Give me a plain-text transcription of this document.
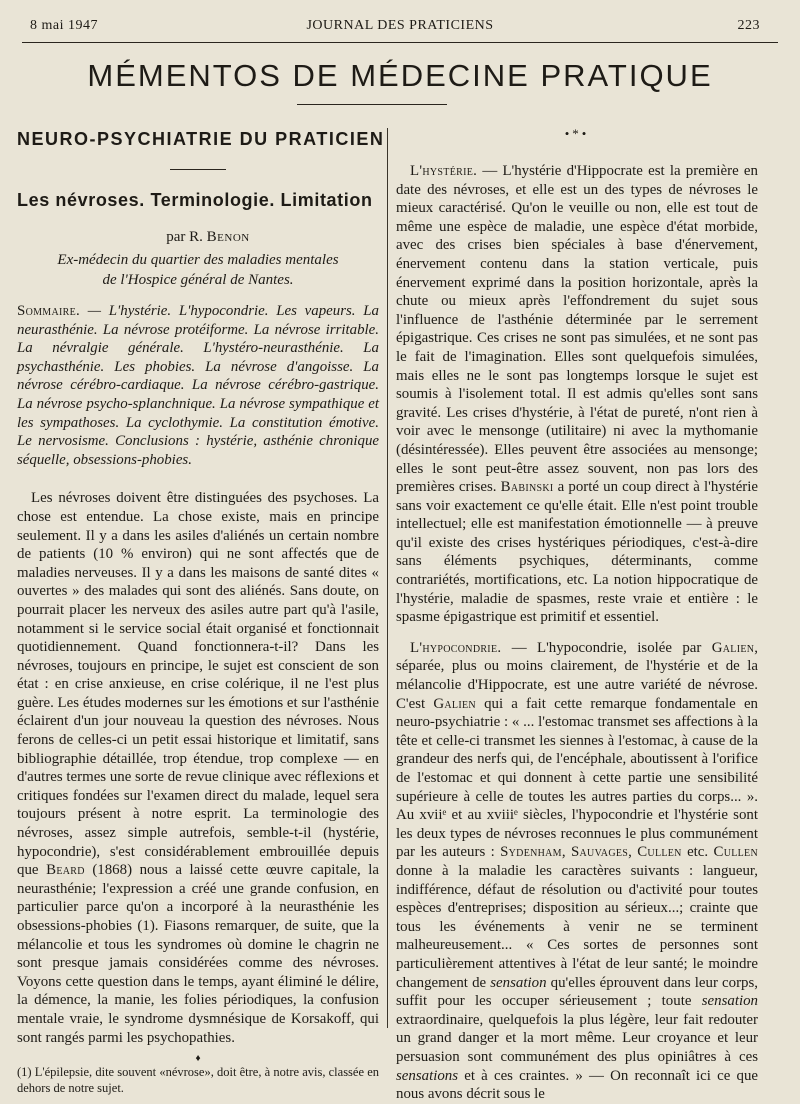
8 mai 1947	JOURNAL DES PRATICIENS	223
MÉMENTOS DE MÉDECINE PRATIQUE
NEURO-PSYCHIATRIE DU PRATICIEN
Les névroses. Terminologie. Limitation
par R. Benon
Ex-médecin du quartier des maladies mentales
de l'Hospice général de Nantes.
Sommaire. — L'hystérie. L'hypocondrie. Les vapeurs. La neurasthénie. La névrose protéiforme. La névrose irritable. La névralgie générale. L'hystéro-neurasthénie. La psychasthénie. Les phobies. La névrose d'angoisse. La névrose cérébro-cardiaque. La névrose cérébro-gastrique. La névrose psycho-splanchnique. La névrose sympathique et les sympathoses. La cyclothymie. La constitution émotive. Le nervosisme. Conclusions : hystérie, asthénie chronique séquelle, obsessions-phobies.
Les névroses doivent être distinguées des psychoses. La chose est entendue. La chose existe, mais en principe seulement. Il y a dans les asiles d'aliénés un certain nombre de patients (10 % environ) qui ne sont affectés que de maladies nerveuses. Il y a dans les maisons de santé dites « ouvertes » des malades qui sont des aliénés. Sans doute, on pourrait placer les nerveux des asiles autre part qu'à l'asile, notamment si le service social était organisé et fonctionnait quotidiennement. Quand fonctionnera-t-il? Dans les névroses, toujours en principe, le sujet est conscient de son état : en crise anxieuse, en crise colérique, il ne l'est plus guère. Les études modernes sur les émotions et sur l'asthénie éclairent d'un jour nouveau la question des névroses. Nous ferons de celles-ci un petit essai historique et limitatif, sans bibliographie détaillée, trop étendue, trop complexe — en d'autres termes une sorte de revue clinique avec réflexions et critiques fondées sur l'examen direct du malade, lequel sera toujours présent à notre esprit. La terminologie des névroses, assez simple autrefois, semble-t-il (hystérie, hypocondrie), s'est considérablement embrouillée depuis que Beard (1868) nous a laissé cette œuvre capitale, la neurasthénie; l'expression a créé une grande confusion, en particulier parce qu'on a incorporé à la neurasthénie les obsessions-phobies (1). Fiasons remarquer, de suite, que la mélancolie et tous les syndromes où domine le chagrin ne sont presque jamais considérées comme des névroses. Voyons cette question dans le temps, ayant éliminé le délire, la démence, la manie, les folies périodiques, la confusion mentale vraie, le syndrome dysmnésique de Korsakoff, qui sont rangés parmi les psychopathies.
♦
(1) L'épilepsie, dite souvent «névrose», doit être, à notre avis, classée en dehors de notre sujet.
•*•
L'hystérie. — L'hystérie d'Hippocrate est la première en date des névroses, et elle est un des types de névroses le mieux caractérisé. Qu'on le veuille ou non, elle est tout de même une espèce de maladie, une espèce d'état morbide, avec des crises bien spéciales à base d'énervement, énervement contenu dans la station verticale, puis énervement exprimé dans la position horizontale, après la chute ou mieux après l'effondrement du sujet sous l'influence de l'asthénie déterminée par le serrement épigastrique. Ces crises ne sont pas simulées, et ne sont pas le fait de l'imagination. Elles sont quelquefois simulées, mais elles ne le sont pas longtemps lorsque le sujet est soumis à l'isolement total. Il est admis qu'elles sont sans gravité. Les crises d'hystérie, à l'état de pureté, n'ont rien à voir avec le mensonge (utilitaire) ni avec la mythomanie (désintéressée). Elles peuvent être associées au mensonge; elles le sont peut-être assez souvent, non pas lors des premières crises. Babinski a porté un coup direct à l'hystérie sans voir exactement ce qu'elle était. Elle n'est point trouble intellectuel; elle est manifestation émotionnelle — à preuve qu'il existe des crises hystériques périodiques, c'est-à-dire sans éléments psychiques, déterminants, comme contrariétés, mortifications, etc. La notion hippocratique de l'hystérie, maladie de spasmes, reste vraie et entière : le spasme épigastrique est primitif et essentiel.
L'hypocondrie. — L'hypocondrie, isolée par Galien, séparée, plus ou moins clairement, de l'hystérie et de la mélancolie d'Hippocrate, est une autre variété de névrose. C'est Galien qui a fait cette remarque fondamentale en neuro-psychiatrie : « ... l'estomac transmet ses affections à la tête et celle-ci transmet les siennes à l'estomac, à cause de la grandeur des nerfs qui, de l'encéphale, aboutissent à l'orifice de l'estomac et qui donnent à cette partie une sensibilité supérieure à celle de toutes les autres parties du corps... ». Au xviiᵉ et au xviiiᵉ siècles, l'hypocondrie et l'hystérie sont les deux types de névroses reconnues le plus communément par les auteurs : Sydenham, Sauvages, Cullen etc. Cullen donne à la maladie les caractères suivants : langueur, indifférence, défaut de résolution ou d'activité pour toutes espèces d'entreprises; disposition au sérieux...; crainte que tous les événements à venir ne se terminent malheureusement... « Ces sortes de personnes sont particulièrement attentives à l'état de leur santé; le moindre changement de sensation qu'elles éprouvent dans leur corps, suffit pour les occuper sérieusement ; toute sensation extraordinaire, quelquefois la plus légère, leur fait redouter un grand danger et la mort même. Leur croyance et leur persuasion sont communément des plus opiniâtres à ces sensations et à ces craintes. » — On reconnaît ici ce que nous avons décrit sous le
